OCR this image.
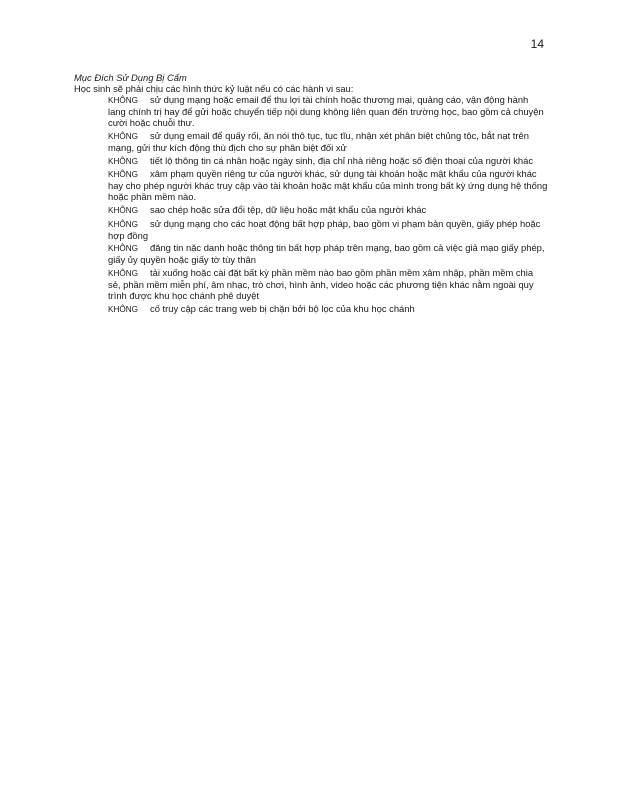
14
Mục Đích Sử Dụng Bị Cấm

Học sinh sẽ phải chịu các hình thức kỷ luật nếu có các hành vi sau:

KHÔNG sử dụng mạng hoặc email để thu lợi tài chính hoặc thương mại, quảng cáo, vận động hành lang chính trị hay để gửi hoặc chuyển tiếp nội dung không liên quan đến trường học, bao gồm cả chuyện cười hoặc chuỗi thư.
KHÔNG sử dụng email để quấy rối, ăn nói thô tục, tục tĩu, nhận xét phân biệt chủng tộc, bắt nạt trên mạng, gửi thư kích động thù địch cho sự phân biệt đối xử
KHÔNG tiết lộ thông tin cá nhân hoặc ngày sinh, địa chỉ nhà riêng hoặc số điện thoại của người khác
KHÔNG xâm phạm quyền riêng tư của người khác, sử dụng tài khoản hoặc mật khẩu của người khác hay cho phép người khác truy cập vào tài khoản hoặc mật khẩu của mình trong bất kỳ ứng dụng hệ thống hoặc phần mềm nào.
KHÔNG sao chép hoặc sửa đổi tệp, dữ liệu hoặc mật khẩu của người khác
KHÔNG sử dụng mạng cho các hoạt động bất hợp pháp, bao gồm vi phạm bản quyền, giấy phép hoặc hợp đồng
KHÔNG đăng tin nặc danh hoặc thông tin bất hợp pháp trên mạng, bao gồm cả việc giả mạo giấy phép, giấy ủy quyền hoặc giấy tờ tùy thân
KHÔNG tải xuống hoặc cài đặt bất kỳ phần mềm nào bao gồm phần mềm xâm nhập, phần mềm chia sẻ, phần mềm miễn phí, âm nhạc, trò chơi, hình ảnh, video hoặc các phương tiện khác nằm ngoài quy trình được khu học chánh phê duyệt
KHÔNG cố truy cập các trang web bị chặn bởi bộ lọc của khu học chánh
